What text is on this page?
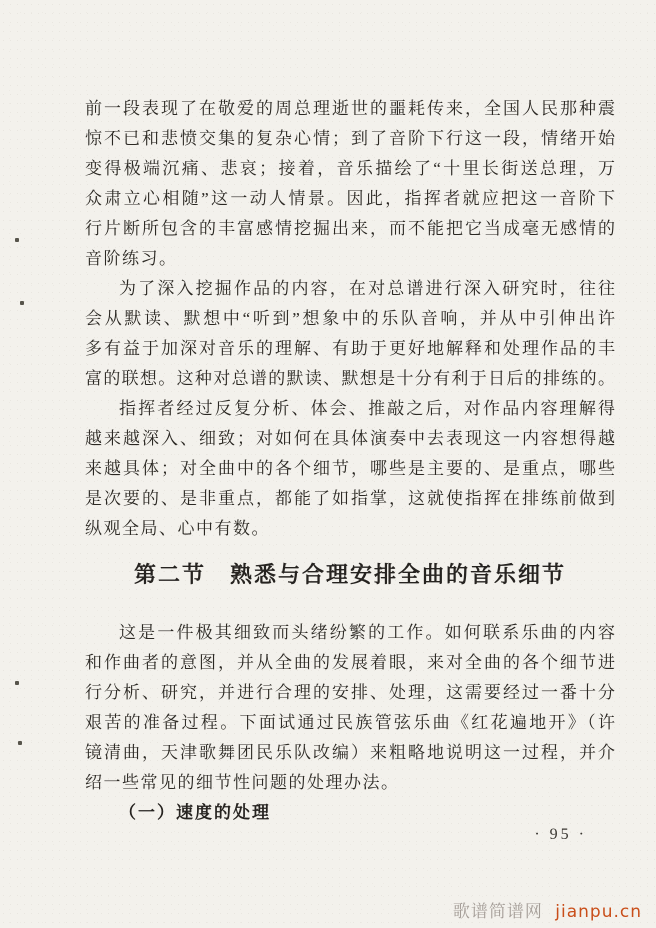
前一段表现了在敬爱的周总理逝世的噩耗传来，全国人民那种震
惊不已和悲愤交集的复杂心情；到了音阶下行这一段，情绪开始
变得极端沉痛、悲哀；接着，音乐描绘了“十里长街送总理，万
众肃立心相随”这一动人情景。因此，指挥者就应把这一音阶下
行片断所包含的丰富感情挖掘出来，而不能把它当成毫无感情的
音阶练习。
为了深入挖掘作品的内容，在对总谱进行深入研究时，往往
会从默读、默想中“听到”想象中的乐队音响，并从中引伸出许
多有益于加深对音乐的理解、有助于更好地解释和处理作品的丰
富的联想。这种对总谱的默读、默想是十分有利于日后的排练的。
指挥者经过反复分析、体会、推敲之后，对作品内容理解得
越来越深入、细致；对如何在具体演奏中去表现这一内容想得越
来越具体；对全曲中的各个细节，哪些是主要的、是重点，哪些
是次要的、是非重点，都能了如指掌，这就使指挥在排练前做到
纵观全局、心中有数。
第二节　熟悉与合理安排全曲的音乐细节
这是一件极其细致而头绪纷繁的工作。如何联系乐曲的内容
和作曲者的意图，并从全曲的发展着眼，来对全曲的各个细节进
行分析、研究，并进行合理的安排、处理，这需要经过一番十分
艰苦的准备过程。下面试通过民族管弦乐曲《红花遍地开》（许
镜清曲，天津歌舞团民乐队改编）来粗略地说明这一过程，并介
绍一些常见的细节性问题的处理办法。
（一）速度的处理
· 95 ·
歌谱简谱网 jianpu.cn
